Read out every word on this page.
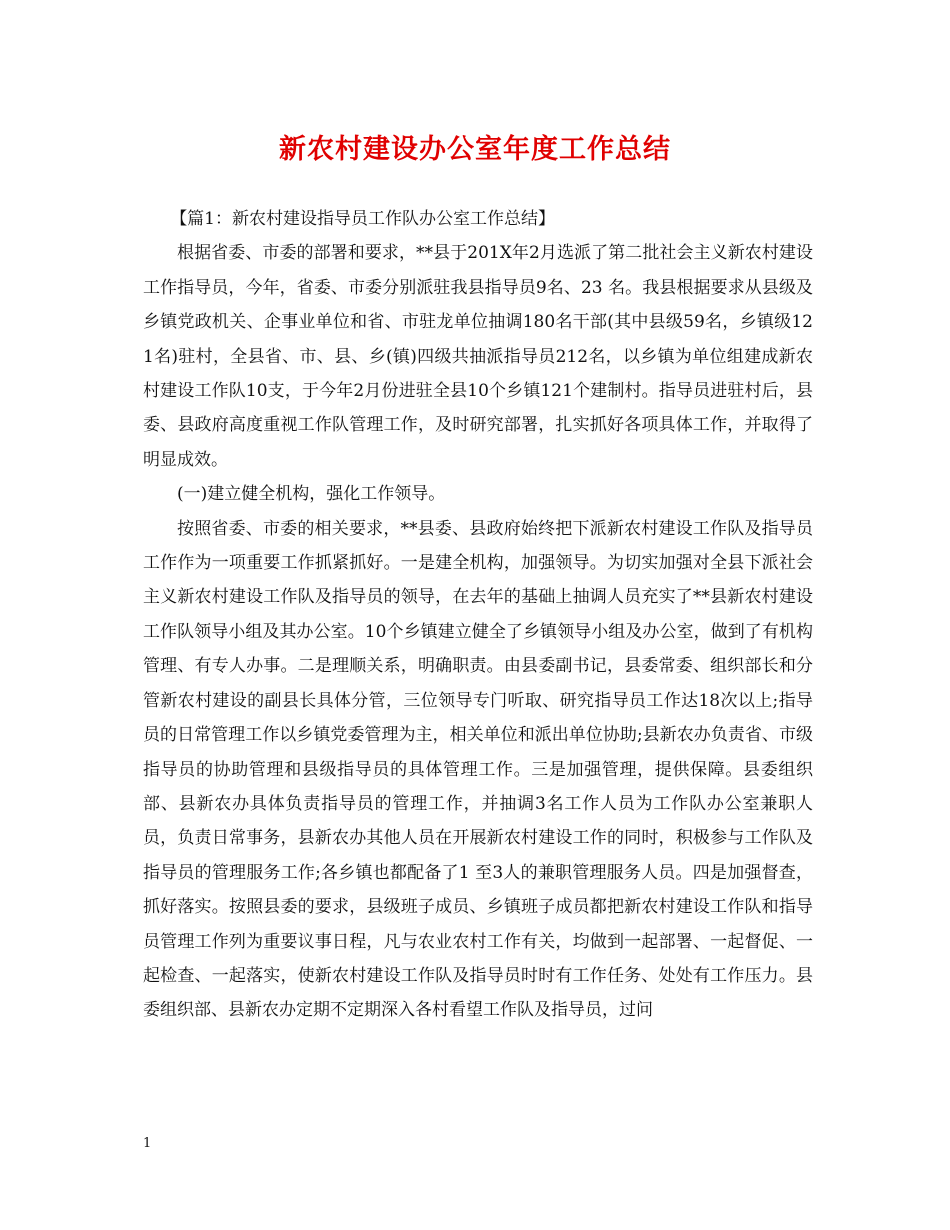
新农村建设办公室年度工作总结

【篇1：新农村建设指导员工作队办公室工作总结】

根据省委、市委的部署和要求，**县于201X年2月选派了第二批社会主义新农村建设工作指导员，今年，省委、市委分别派驻我县指导员9名、23 名。我县根据要求从县级及乡镇党政机关、企事业单位和省、市驻龙单位抽调180名干部(其中县级59名，乡镇级121名)驻村，全县省、市、县、乡(镇)四级共抽派指导员212名，以乡镇为单位组建成新农村建设工作队10支，于今年2月份进驻全县10个乡镇121个建制村。指导员进驻村后，县委、县政府高度重视工作队管理工作，及时研究部署，扎实抓好各项具体工作，并取得了明显成效。

(一)建立健全机构，强化工作领导。

按照省委、市委的相关要求，**县委、县政府始终把下派新农村建设工作队及指导员工作作为一项重要工作抓紧抓好。一是建全机构，加强领导。为切实加强对全县下派社会主义新农村建设工作队及指导员的领导，在去年的基础上抽调人员充实了**县新农村建设工作队领导小组及其办公室。10个乡镇建立健全了乡镇领导小组及办公室，做到了有机构管理、有专人办事。二是理顺关系，明确职责。由县委副书记，县委常委、组织部长和分管新农村建设的副县长具体分管，三位领导专门听取、研究指导员工作达18次以上;指导员的日常管理工作以乡镇党委管理为主，相关单位和派出单位协助;县新农办负责省、市级指导员的协助管理和县级指导员的具体管理工作。三是加强管理，提供保障。县委组织部、县新农办具体负责指导员的管理工作，并抽调3名工作人员为工作队办公室兼职人员，负责日常事务，县新农办其他人员在开展新农村建设工作的同时，积极参与工作队及指导员的管理服务工作;各乡镇也都配备了1 至3人的兼职管理服务人员。四是加强督查，抓好落实。按照县委的要求，县级班子成员、乡镇班子成员都把新农村建设工作队和指导员管理工作列为重要议事日程，凡与农业农村工作有关，均做到一起部署、一起督促、一起检查、一起落实，使新农村建设工作队及指导员时时有工作任务、处处有工作压力。县委组织部、县新农办定期不定期深入各村看望工作队及指导员，过问

1
